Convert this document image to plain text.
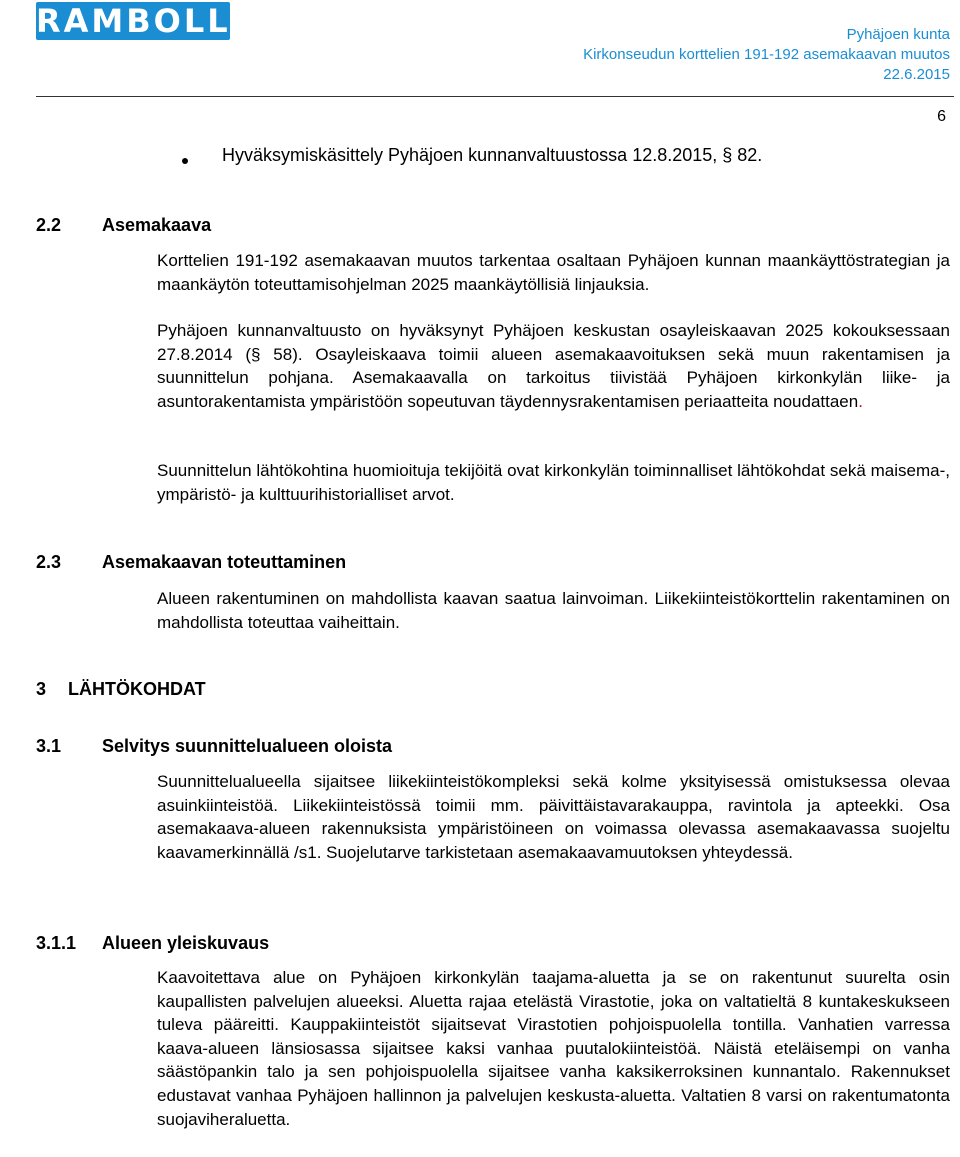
RAMBOLL	Pyhäjoen kunta
Kirkonseudun korttelien 191-192 asemakaavan muutos
22.6.2015
6
Hyväksymiskäsittely Pyhäjoen kunnanvaltuustossa 12.8.2015, § 82.
2.2 Asemakaava
Korttelien 191-192 asemakaavan muutos tarkentaa osaltaan Pyhäjoen kunnan maankäyttöstrategian ja maankäytön toteuttamisohjelman 2025 maankäytöllisiä linjauksia.
Pyhäjoen kunnanvaltuusto on hyväksynyt Pyhäjoen keskustan osayleiskaavan 2025 kokouksessaan 27.8.2014 (§ 58). Osayleiskaava toimii alueen asemakaavoituksen sekä muun rakentamisen ja suunnittelun pohjana. Asemakaavalla on tarkoitus tiivistää Pyhäjoen kirkonkylän liike- ja asuntorakentamista ympäristöön sopeutuvan täydennysrakentamisen periaatteita noudattaen.
Suunnittelun lähtökohtina huomioituja tekijöitä ovat kirkonkylän toiminnalliset lähtökohdat sekä maisema-, ympäristö- ja kulttuurihistorialliset arvot.
2.3 Asemakaavan toteuttaminen
Alueen rakentuminen on mahdollista kaavan saatua lainvoiman. Liikekiinteistökorttelin rakentaminen on mahdollista toteuttaa vaiheittain.
3 LÄHTÖKOHDAT
3.1 Selvitys suunnittelualueen oloista
Suunnittelualueella sijaitsee liikekiinteistökompleksi sekä kolme yksityisessä omistuksessa olevaa asuinkiinteistöä. Liikekiinteistössä toimii mm. päivittäistavarakauppa, ravintola ja apteekki. Osa asemakaava-alueen rakennuksista ympäristöineen on voimassa olevassa asemakaavassa suojeltu kaavamerkinnällä /s1. Suojelutarve tarkistetaan asemakaavamuutoksen yhteydessä.
3.1.1 Alueen yleiskuvaus
Kaavoitettava alue on Pyhäjoen kirkonkylän taajama-aluetta ja se on rakentunut suurelta osin kaupallisten palvelujen alueeksi. Aluetta rajaa etelästä Virastotie, joka on valtatieltä 8 kuntakeskukseen tuleva pääreitti. Kauppakiinteistöt sijaitsevat Virastotien pohjoispuolella tontilla. Vanhatien varressa kaava-alueen länsiosassa sijaitsee kaksi vanhaa puutalokiinteistöä. Näistä eteläisempi on vanha säästöpankin talo ja sen pohjoispuolella sijaitsee vanha kaksikerroksinen kunnantalo. Rakennukset edustavat vanhaa Pyhäjoen hallinnon ja palvelujen keskusta-aluetta. Valtatien 8 varsi on rakentumatonta suojaviheraluetta.
